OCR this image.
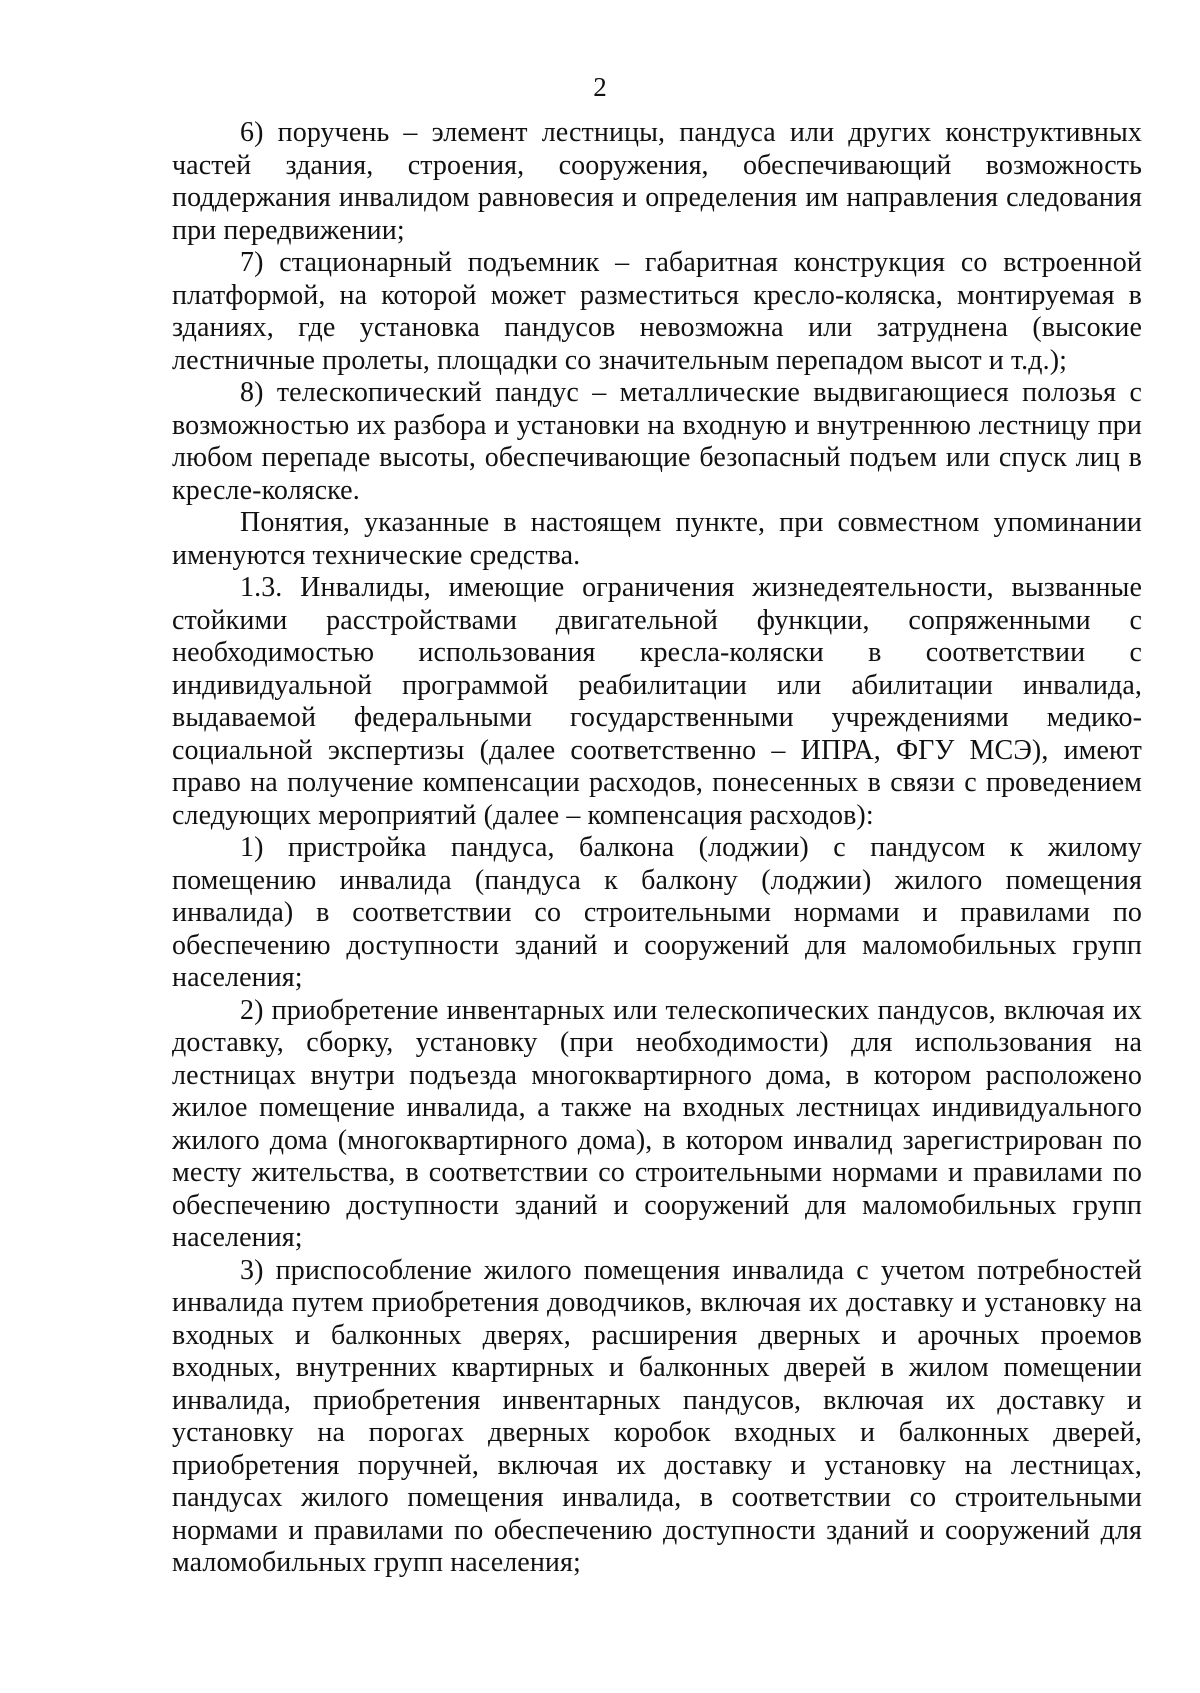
2

6) поручень – элемент лестницы, пандуса или других конструктивных частей здания, строения, сооружения, обеспечивающий возможность поддержания инвалидом равновесия и определения им направления следования при передвижении;

7) стационарный подъемник – габаритная конструкция со встроенной платформой, на которой может разместиться кресло-коляска, монтируемая в зданиях, где установка пандусов невозможна или затруднена (высокие лестничные пролеты, площадки со значительным перепадом высот и т.д.);

8) телескопический пандус – металлические выдвигающиеся полозья с возможностью их разбора и установки на входную и внутреннюю лестницу при любом перепаде высоты, обеспечивающие безопасный подъем или спуск лиц в кресле-коляске.

Понятия, указанные в настоящем пункте, при совместном упоминании именуются технические средства.

1.3. Инвалиды, имеющие ограничения жизнедеятельности, вызванные стойкими расстройствами двигательной функции, сопряженными с необходимостью использования кресла-коляски в соответствии с индивидуальной программой реабилитации или абилитации инвалида, выдаваемой федеральными государственными учреждениями медико-социальной экспертизы (далее соответственно – ИПРА, ФГУ МСЭ), имеют право на получение компенсации расходов, понесенных в связи с проведением следующих мероприятий (далее – компенсация расходов):

1) пристройка пандуса, балкона (лоджии) с пандусом к жилому помещению инвалида (пандуса к балкону (лоджии) жилого помещения инвалида) в соответствии со строительными нормами и правилами по обеспечению доступности зданий и сооружений для маломобильных групп населения;

2) приобретение инвентарных или телескопических пандусов, включая их доставку, сборку, установку (при необходимости) для использования на лестницах внутри подъезда многоквартирного дома, в котором расположено жилое помещение инвалида, а также на входных лестницах индивидуального жилого дома (многоквартирного дома), в котором инвалид зарегистрирован по месту жительства, в соответствии со строительными нормами и правилами по обеспечению доступности зданий и сооружений для маломобильных групп населения;

3) приспособление жилого помещения инвалида с учетом потребностей инвалида путем приобретения доводчиков, включая их доставку и установку на входных и балконных дверях, расширения дверных и арочных проемов входных, внутренних квартирных и балконных дверей в жилом помещении инвалида, приобретения инвентарных пандусов, включая их доставку и установку на порогах дверных коробок входных и балконных дверей, приобретения поручней, включая их доставку и установку на лестницах, пандусах жилого помещения инвалида, в соответствии со строительными нормами и правилами по обеспечению доступности зданий и сооружений для маломобильных групп населения;
